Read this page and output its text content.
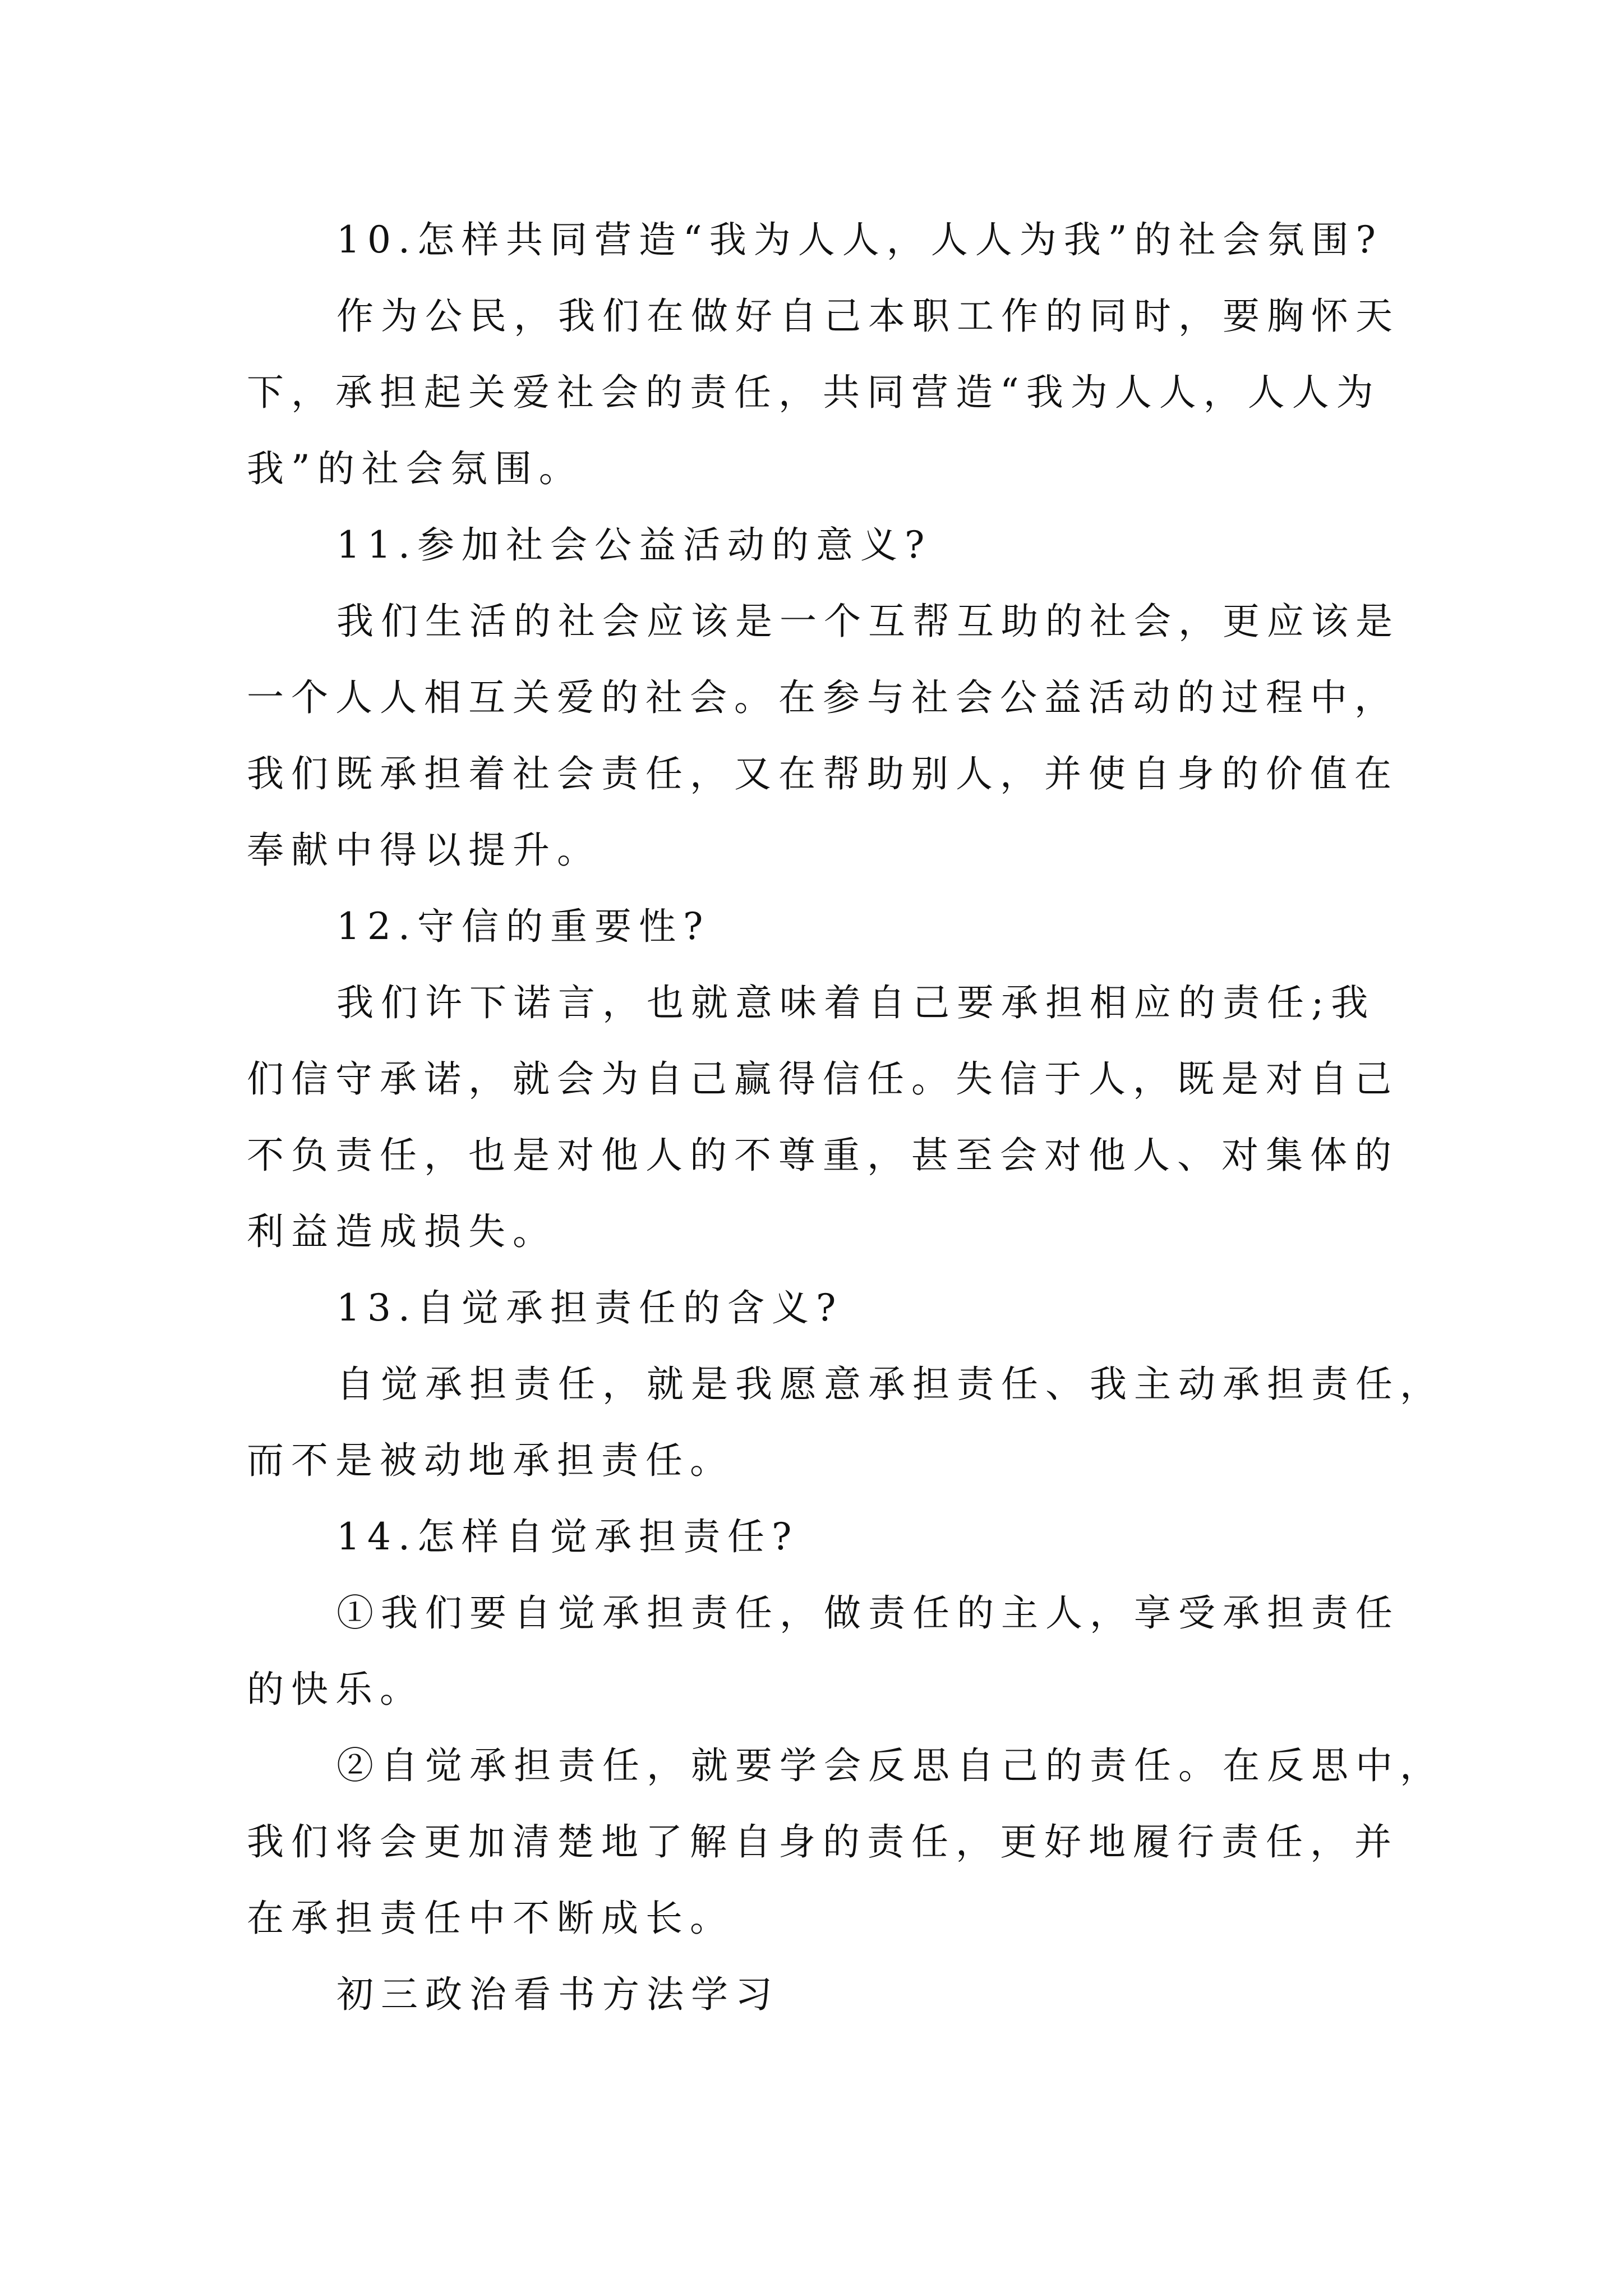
10.怎样共同营造“我为人人，人人为我”的社会氛围?
作为公民，我们在做好自己本职工作的同时，要胸怀天
下，承担起关爱社会的责任，共同营造“我为人人，人人为
我”的社会氛围。
11.参加社会公益活动的意义?
我们生活的社会应该是一个互帮互助的社会，更应该是
一个人人相互关爱的社会。在参与社会公益活动的过程中，
我们既承担着社会责任，又在帮助别人，并使自身的价值在
奉献中得以提升。
12.守信的重要性?
我们许下诺言，也就意味着自己要承担相应的责任;我
们信守承诺，就会为自己赢得信任。失信于人，既是对自己
不负责任，也是对他人的不尊重，甚至会对他人、对集体的
利益造成损失。
13.自觉承担责任的含义?
自觉承担责任，就是我愿意承担责任、我主动承担责任，
而不是被动地承担责任。
14.怎样自觉承担责任?
①我们要自觉承担责任，做责任的主人，享受承担责任
的快乐。
②自觉承担责任，就要学会反思自己的责任。在反思中，
我们将会更加清楚地了解自身的责任，更好地履行责任，并
在承担责任中不断成长。
初三政治看书方法学习
